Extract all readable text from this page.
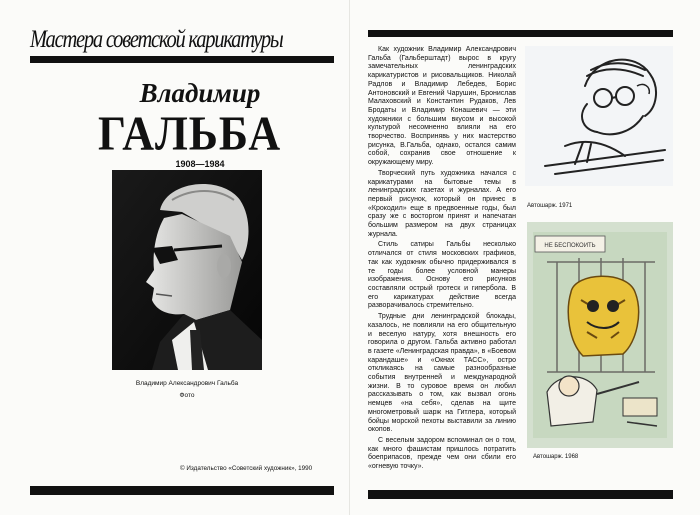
Мастера советской карикатуры
Владимир
ГАЛЬБА
1908—1984
Владимир Александрович Гальба
Фото
© Издательство «Советский художник», 1990

Как художник Владимир Александрович Гальба (Гальберштадт) вырос в кругу замечательных ленинградских карикатуристов и рисовальщиков. Николай Радлов и Владимир Лебедев, Борис Антоновский и Евгений Чарушин, Бронислав Малаховский и Константин Рудаков, Лев Бродаты и Владимир Конашевич — эти художники с большим вкусом и высокой культурой несомненно влияли на его творчество. Воспринявь у них мастерство рисунка, В.Гальба, однако, остался самим собой, сохранив свое отношение к окружающему миру.

Творческий путь художника начался с карикатурами на бытовые темы в ленинградских газетах и журналах. А его первый рисунок, который он принес в «Крокодил» еще в предвоенные годы, был сразу же с восторгом принят и напечатан большим размером на двух страницах журнала.

Стиль сатиры Гальбы несколько отличался от стиля московских графиков, так как художник обычно придерживался в те годы более условной манеры изображения. Основу его рисунков составляли острый гротеск и гипербола. В его карикатурах действие всегда разворачивалось стремительно.

Трудные дни ленинградской блокады, казалось, не повлияли на его общительную и веселую натуру, хотя внешность его говорила о другом. Гальба активно работал в газете «Ленинградская правда», в «Боевом карандаше» и «Окнах ТАСС», остро откликаясь на самые разнообразные события внутренней и международной жизни. В то суровое время он любил рассказывать о том, как вызвал огонь немцев «на себя», сделав на щите многометровый шарж на Гитлера, который бойцы морской пехоты выставили за линию окопов.

С веселым задором вспоминал он о том, как много фашистам пришлось потратить боеприпасов, прежде чем они сбили его «огневую точку».

Автошарж. 1971
НЕ БЕСПОКОИТЬ
Автошарж. 1968
